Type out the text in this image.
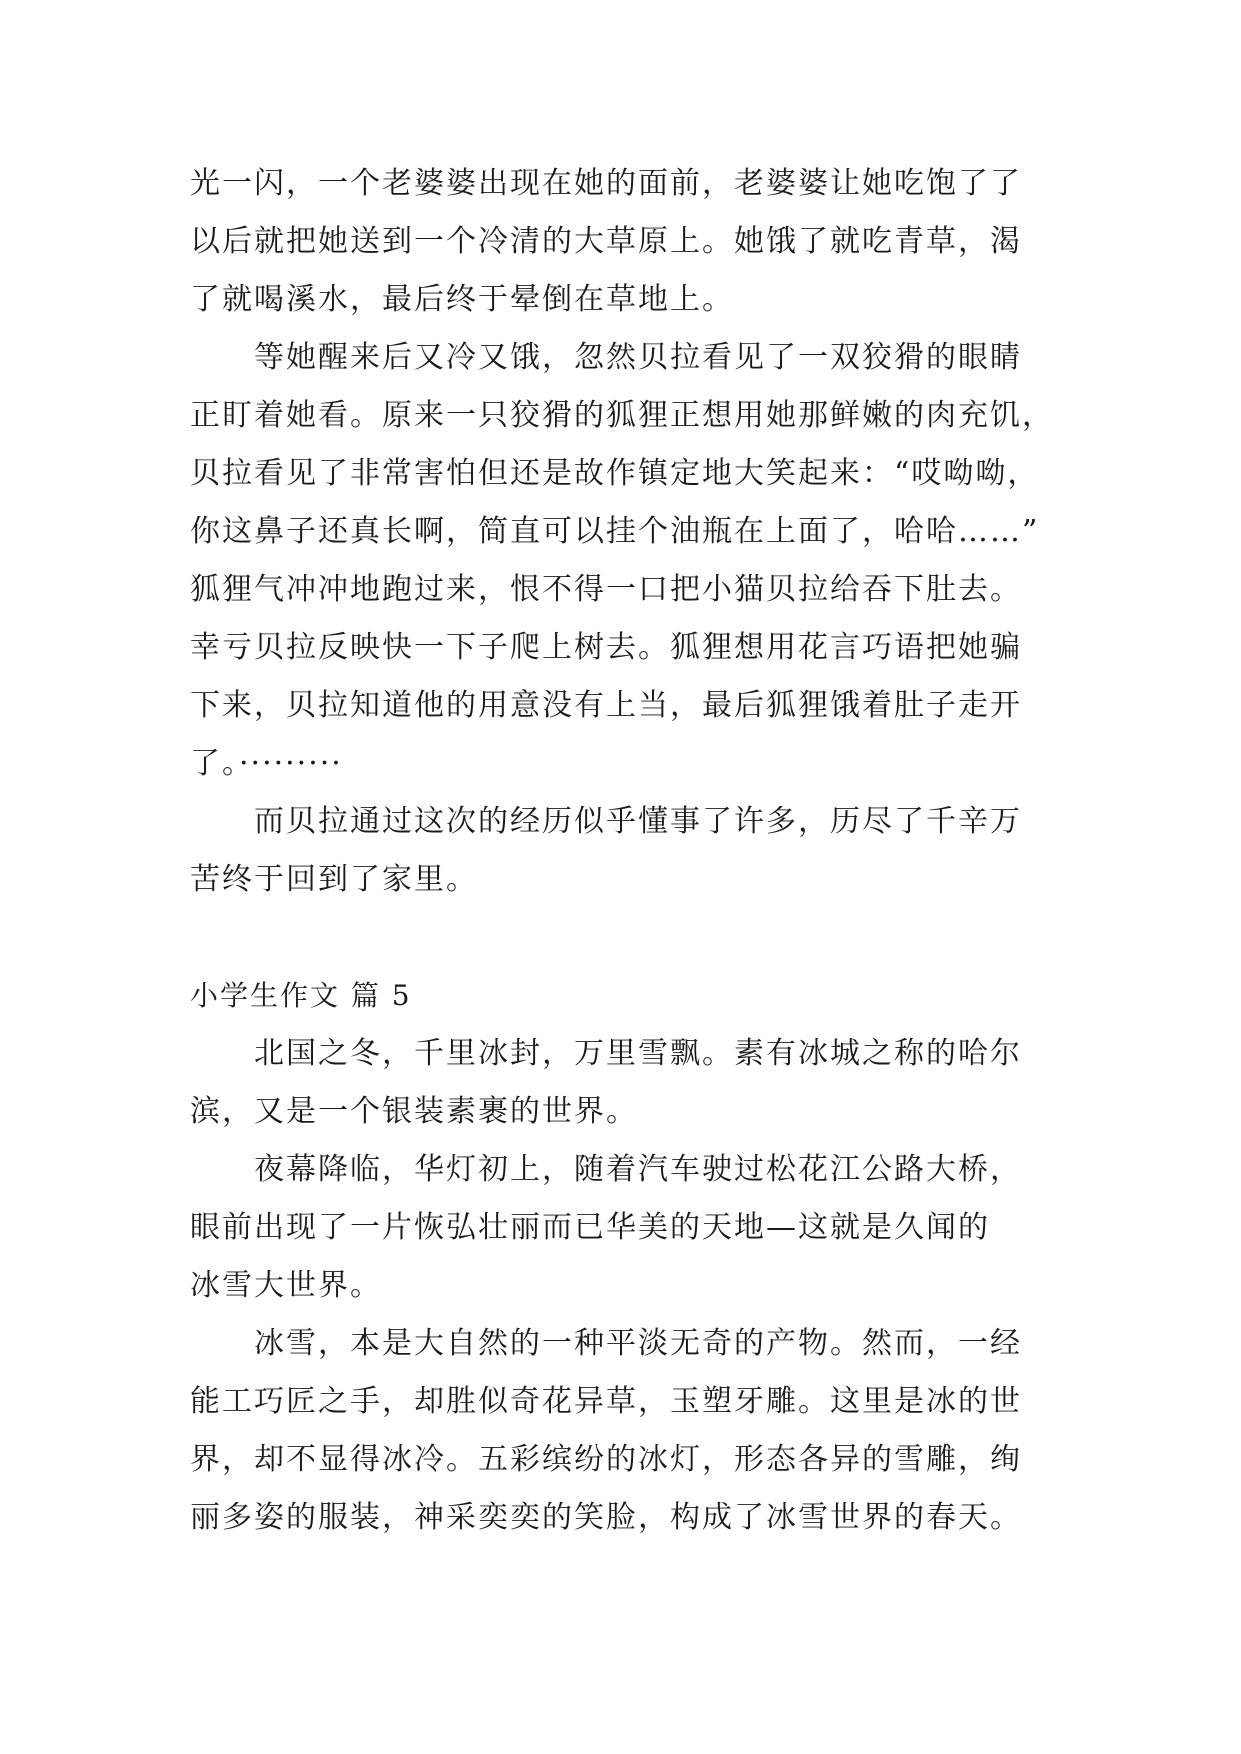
光一闪，一个老婆婆出现在她的面前，老婆婆让她吃饱了了
以后就把她送到一个冷清的大草原上。她饿了就吃青草，渴
了就喝溪水，最后终于晕倒在草地上。
等她醒来后又冷又饿，忽然贝拉看见了一双狡猾的眼睛
正盯着她看。原来一只狡猾的狐狸正想用她那鲜嫩的肉充饥，
贝拉看见了非常害怕但还是故作镇定地大笑起来：“哎呦呦，
你这鼻子还真长啊，简直可以挂个油瓶在上面了，哈哈……”
狐狸气冲冲地跑过来，恨不得一口把小猫贝拉给吞下肚去。
幸亏贝拉反映快一下子爬上树去。狐狸想用花言巧语把她骗
下来，贝拉知道他的用意没有上当，最后狐狸饿着肚子走开
了。·········
而贝拉通过这次的经历似乎懂事了许多，历尽了千辛万
苦终于回到了家里。
小学生作文 篇 5
北国之冬，千里冰封，万里雪飘。素有冰城之称的哈尔
滨，又是一个银装素裹的世界。
夜幕降临，华灯初上，随着汽车驶过松花江公路大桥，
眼前出现了一片恢弘壮丽而已华美的天地—这就是久闻的
冰雪大世界。
冰雪，本是大自然的一种平淡无奇的产物。然而，一经
能工巧匠之手，却胜似奇花异草，玉塑牙雕。这里是冰的世
界，却不显得冰冷。五彩缤纷的冰灯，形态各异的雪雕，绚
丽多姿的服装，神采奕奕的笑脸，构成了冰雪世界的春天。
